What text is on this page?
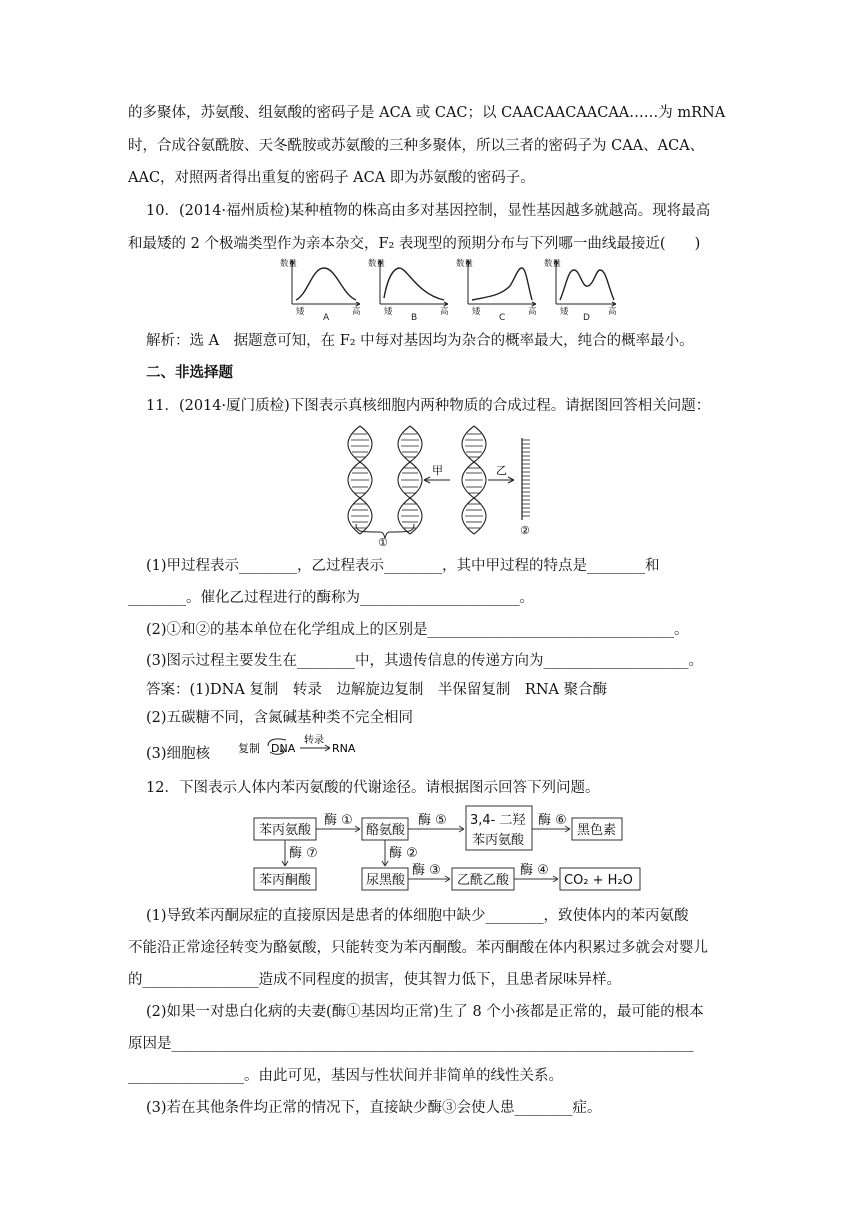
的多聚体，苏氨酸、组氨酸的密码子是 ACA 或 CAC；以 CAACAACAACAA……为 mRNA
时，合成谷氨酰胺、天冬酰胺或苏氨酸的三种多聚体，所以三者的密码子为 CAA、ACA、
AAC，对照两者得出重复的密码子 ACA 即为苏氨酸的密码子。
10．(2014·福州质检)某种植物的株高由多对基因控制，显性基因越多就越高。现将最高
和最矮的 2 个极端类型作为亲本杂交，F₂ 表现型的预期分布与下列哪一曲线最接近(　　)
数量
矮	高
A
数量
矮	高
B
数量
矮	高
C
数量
矮	高
D
解析：选 A　据题意可知，在 F₂ 中每对基因均为杂合的概率最大，纯合的概率最小。
二、非选择题
11．(2014·厦门质检)下图表示真核细胞内两种物质的合成过程。请据图回答相关问题：
甲	乙
①
②
(1)甲过程表示________，乙过程表示________，其中甲过程的特点是________和
________。催化乙过程进行的酶称为______________________。
(2)①和②的基本单位在化学组成上的区别是__________________________________。
(3)图示过程主要发生在________中，其遗传信息的传递方向为____________________。
答案：(1)DNA 复制　转录　边解旋边复制　半保留复制　RNA 聚合酶
(2)五碳糖不同，含氮碱基种类不完全相同
(3)细胞核	复制 DNA
转录
RNA
12．下图表示人体内苯丙氨酸的代谢途径。请根据图示回答下列问题。
苯丙氨酸	酪氨酸
3,4- 二羟
苯丙氨酸
黑色素
苯丙酮酸	尿黑酸	乙酰乙酸	CO₂ + H₂O
酶 ①	酶 ⑤	酶 ⑥
酶 ⑦	酶 ②
酶 ③	酶 ④
(1)导致苯丙酮尿症的直接原因是患者的体细胞中缺少________，致使体内的苯丙氨酸
不能沿正常途径转变为酪氨酸，只能转变为苯丙酮酸。苯丙酮酸在体内积累过多就会对婴儿
的________________造成不同程度的损害，使其智力低下，且患者尿味异样。
(2)如果一对患白化病的夫妻(酶①基因均正常)生了 8 个小孩都是正常的，最可能的根本
原因是________________________________________________________________________
________________。由此可见，基因与性状间并非简单的线性关系。
(3)若在其他条件均正常的情况下，直接缺少酶③会使人患________症。
